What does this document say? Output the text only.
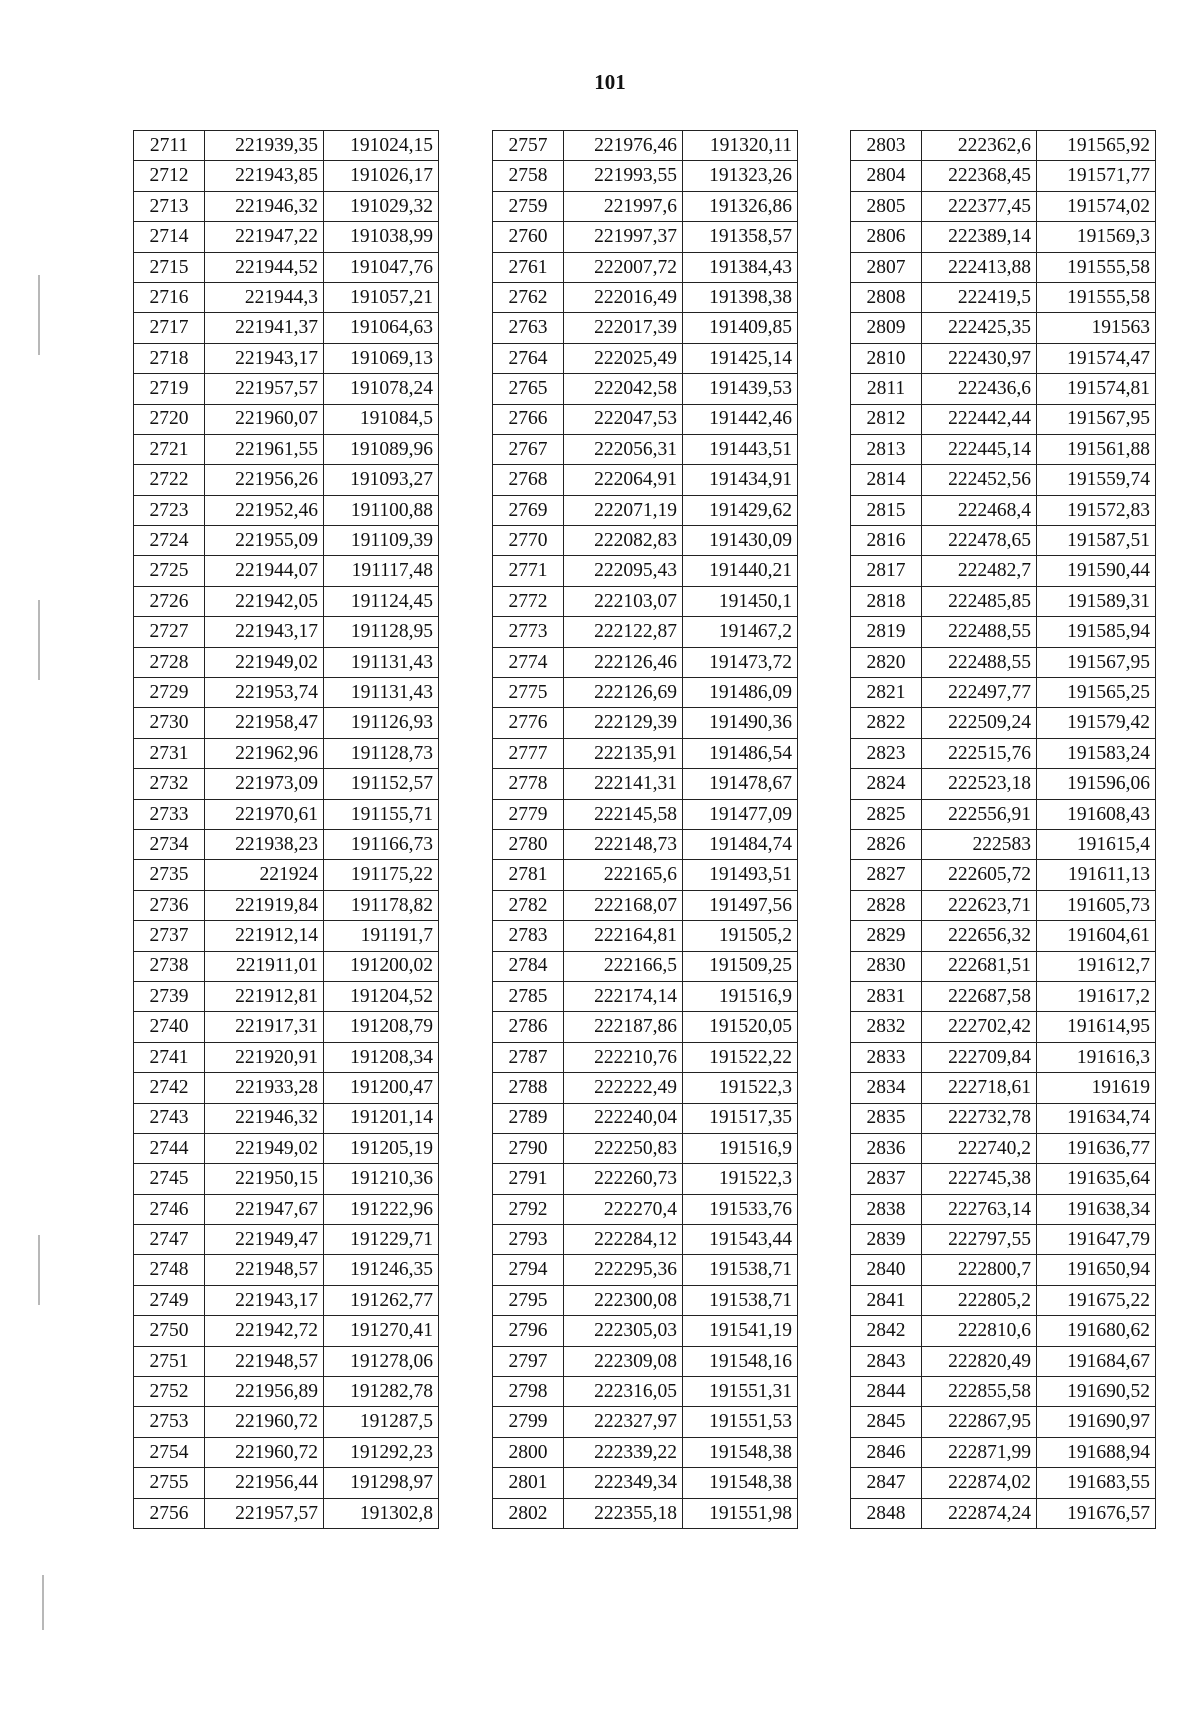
101
2711	221939,35	191024,15
2712	221943,85	191026,17
2713	221946,32	191029,32
2714	221947,22	191038,99
2715	221944,52	191047,76
2716	221944,3	191057,21
2717	221941,37	191064,63
2718	221943,17	191069,13
2719	221957,57	191078,24
2720	221960,07	191084,5
2721	221961,55	191089,96
2722	221956,26	191093,27
2723	221952,46	191100,88
2724	221955,09	191109,39
2725	221944,07	191117,48
2726	221942,05	191124,45
2727	221943,17	191128,95
2728	221949,02	191131,43
2729	221953,74	191131,43
2730	221958,47	191126,93
2731	221962,96	191128,73
2732	221973,09	191152,57
2733	221970,61	191155,71
2734	221938,23	191166,73
2735	221924	191175,22
2736	221919,84	191178,82
2737	221912,14	191191,7
2738	221911,01	191200,02
2739	221912,81	191204,52
2740	221917,31	191208,79
2741	221920,91	191208,34
2742	221933,28	191200,47
2743	221946,32	191201,14
2744	221949,02	191205,19
2745	221950,15	191210,36
2746	221947,67	191222,96
2747	221949,47	191229,71
2748	221948,57	191246,35
2749	221943,17	191262,77
2750	221942,72	191270,41
2751	221948,57	191278,06
2752	221956,89	191282,78
2753	221960,72	191287,5
2754	221960,72	191292,23
2755	221956,44	191298,97
2756	221957,57	191302,8
2757	221976,46	191320,11
2758	221993,55	191323,26
2759	221997,6	191326,86
2760	221997,37	191358,57
2761	222007,72	191384,43
2762	222016,49	191398,38
2763	222017,39	191409,85
2764	222025,49	191425,14
2765	222042,58	191439,53
2766	222047,53	191442,46
2767	222056,31	191443,51
2768	222064,91	191434,91
2769	222071,19	191429,62
2770	222082,83	191430,09
2771	222095,43	191440,21
2772	222103,07	191450,1
2773	222122,87	191467,2
2774	222126,46	191473,72
2775	222126,69	191486,09
2776	222129,39	191490,36
2777	222135,91	191486,54
2778	222141,31	191478,67
2779	222145,58	191477,09
2780	222148,73	191484,74
2781	222165,6	191493,51
2782	222168,07	191497,56
2783	222164,81	191505,2
2784	222166,5	191509,25
2785	222174,14	191516,9
2786	222187,86	191520,05
2787	222210,76	191522,22
2788	222222,49	191522,3
2789	222240,04	191517,35
2790	222250,83	191516,9
2791	222260,73	191522,3
2792	222270,4	191533,76
2793	222284,12	191543,44
2794	222295,36	191538,71
2795	222300,08	191538,71
2796	222305,03	191541,19
2797	222309,08	191548,16
2798	222316,05	191551,31
2799	222327,97	191551,53
2800	222339,22	191548,38
2801	222349,34	191548,38
2802	222355,18	191551,98
2803	222362,6	191565,92
2804	222368,45	191571,77
2805	222377,45	191574,02
2806	222389,14	191569,3
2807	222413,88	191555,58
2808	222419,5	191555,58
2809	222425,35	191563
2810	222430,97	191574,47
2811	222436,6	191574,81
2812	222442,44	191567,95
2813	222445,14	191561,88
2814	222452,56	191559,74
2815	222468,4	191572,83
2816	222478,65	191587,51
2817	222482,7	191590,44
2818	222485,85	191589,31
2819	222488,55	191585,94
2820	222488,55	191567,95
2821	222497,77	191565,25
2822	222509,24	191579,42
2823	222515,76	191583,24
2824	222523,18	191596,06
2825	222556,91	191608,43
2826	222583	191615,4
2827	222605,72	191611,13
2828	222623,71	191605,73
2829	222656,32	191604,61
2830	222681,51	191612,7
2831	222687,58	191617,2
2832	222702,42	191614,95
2833	222709,84	191616,3
2834	222718,61	191619
2835	222732,78	191634,74
2836	222740,2	191636,77
2837	222745,38	191635,64
2838	222763,14	191638,34
2839	222797,55	191647,79
2840	222800,7	191650,94
2841	222805,2	191675,22
2842	222810,6	191680,62
2843	222820,49	191684,67
2844	222855,58	191690,52
2845	222867,95	191690,97
2846	222871,99	191688,94
2847	222874,02	191683,55
2848	222874,24	191676,57
